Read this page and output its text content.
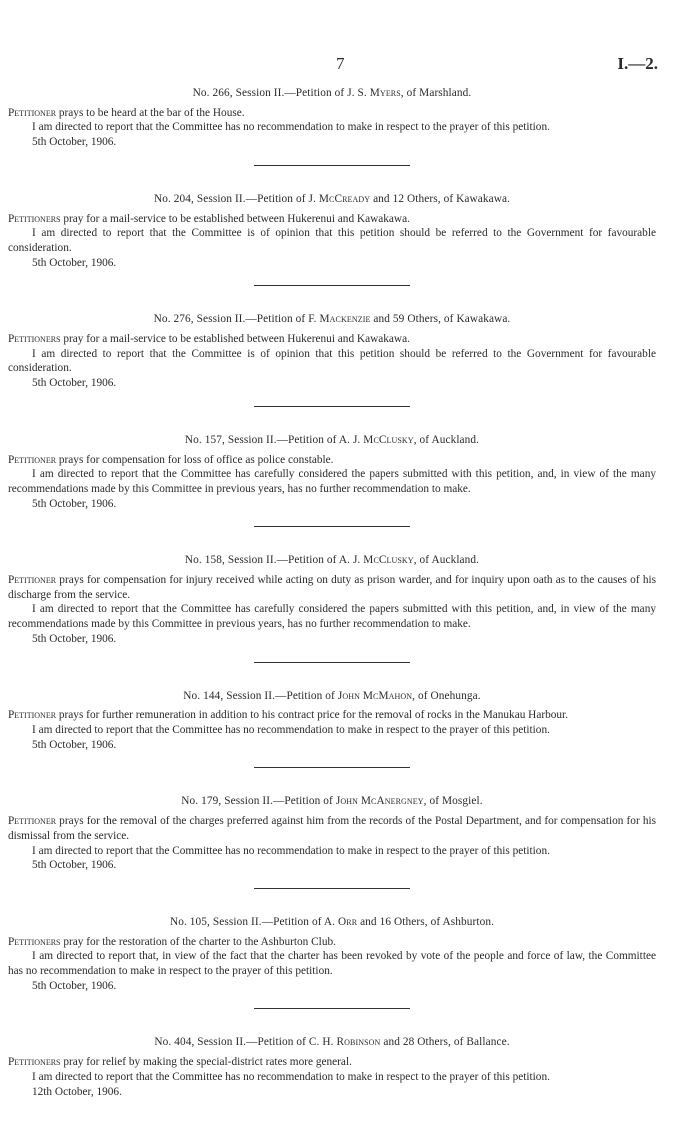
7	I.—2.
No. 266, Session II.—Petition of J. S. Myers, of Marshland.

Petitioner prays to be heard at the bar of the House.

I am directed to report that the Committee has no recommendation to make in respect to the prayer of this petition.

5th October, 1906.
No. 204, Session II.—Petition of J. McCready and 12 Others, of Kawakawa.

Petitioners pray for a mail-service to be established between Hukerenui and Kawakawa.

I am directed to report that the Committee is of opinion that this petition should be referred to the Government for favourable consideration.

5th October, 1906.
No. 276, Session II.—Petition of F. Mackenzie and 59 Others, of Kawakawa.

Petitioners pray for a mail-service to be established between Hukerenui and Kawakawa.

I am directed to report that the Committee is of opinion that this petition should be referred to the Government for favourable consideration.

5th October, 1906.
No. 157, Session II.—Petition of A. J. McClusky, of Auckland.

Petitioner prays for compensation for loss of office as police constable.

I am directed to report that the Committee has carefully considered the papers submitted with this petition, and, in view of the many recommendations made by this Committee in previous years, has no further recommendation to make.

5th October, 1906.
No. 158, Session II.—Petition of A. J. McClusky, of Auckland.

Petitioner prays for compensation for injury received while acting on duty as prison warder, and for inquiry upon oath as to the causes of his discharge from the service.

I am directed to report that the Committee has carefully considered the papers submitted with this petition, and, in view of the many recommendations made by this Committee in previous years, has no further recommendation to make.

5th October, 1906.
No. 144, Session II.—Petition of John McMahon, of Onehunga.

Petitioner prays for further remuneration in addition to his contract price for the removal of rocks in the Manukau Harbour.

I am directed to report that the Committee has no recommendation to make in respect to the prayer of this petition.

5th October, 1906.
No. 179, Session II.—Petition of John McAnergney, of Mosgiel.

Petitioner prays for the removal of the charges preferred against him from the records of the Postal Department, and for compensation for his dismissal from the service.

I am directed to report that the Committee has no recommendation to make in respect to the prayer of this petition.

5th October, 1906.
No. 105, Session II.—Petition of A. Orr and 16 Others, of Ashburton.

Petitioners pray for the restoration of the charter to the Ashburton Club.

I am directed to report that, in view of the fact that the charter has been revoked by vote of the people and force of law, the Committee has no recommendation to make in respect to the prayer of this petition.

5th October, 1906.
No. 404, Session II.—Petition of C. H. Robinson and 28 Others, of Ballance.

Petitioners pray for relief by making the special-district rates more general.

I am directed to report that the Committee has no recommendation to make in respect to the prayer of this petition.

12th October, 1906.
